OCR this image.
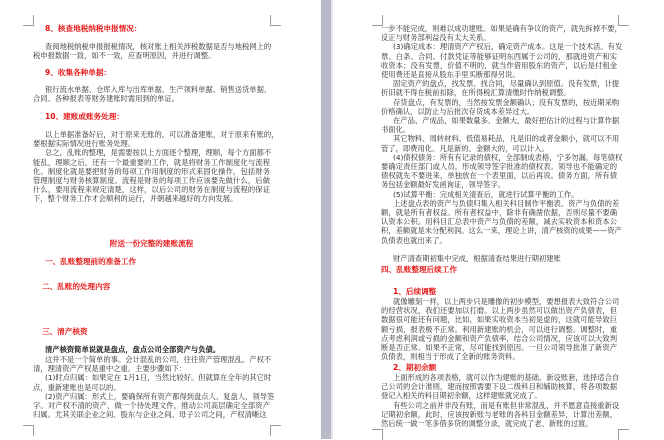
8、核查地税纳税申报情况：
查阅地税纳税申报报税情况，核对账上相关涉税数据是否与地税网上的
税申报数据一致，如不一致，应查明原因，并进行调整。
9、收集各种单据：
银行流水单据、仓库入库与出库单据、生产领料单据、销售送货单据、
合同、各种报表等财务建账时需用到的单证。
10、建账或账务处理：
以上单据准备好后，对于原来无账的，可以准备建账，对于原来有账的，
要根据实际情况进行账务处理。
总之，乱账的整理，是需要按以上方面逐个整理，理顺，每个方面都不
能乱，理顺之后，还有一个最重要的工作，就是将财务工作制度化与流程
化。制度化就是要把财务的每项工作用制度的形式来固化操作，包括财务
管理制度与财务核算制度。流程是财务的每项工作应该要先做什么，后做
什么，要用流程来规定清楚，这样，以后公司的财务在制度与流程的保证
下，整个财务工作才会顺利的运行，并朝越来越好的方向发展。
附送一份完整的建账流程
一、乱账整理前的准备工作
二、乱账的处理内容
三、清产核资
清产核资简单说就是盘点，盘点公司全部资产与负债。
这并不是一个简单的事。会计混乱的公司，往往资产管理混乱、产权不
清，理清资产产权是重中之重。主要步骤如下：
(1)时点归属：如果定在 1月1日，当然比较好。但就算在全年的其它时
点，重新建账也是可以的。
(2)资产归属：形式上，要确保所有资产都得到盘点人、复盘人、领导签
字。对产权不清的资产，做一个待处理文件，推动公司高层确定全部资产
归属。尤其关联企业之间、股东与企业之间、母子公司之间，产权清晰这
一步不能完成，则难以成功建账。如果是确有争议的资产，就先拆掉不要，
反正与财务部利益没有太大关系。
(3)确定成本：理清资产产权后，确定资产成本。这是一个技术活。有发
票、白条、合同、付款凭证等能够证明东西属于公司的，那就进资产和实
收资本；没有发票，价值不明的，就当作借用股东的资产，以后是付租金
使用费还是直接从股东手里买断那得另说。
固定资产的盘点，找发票、找合同，尽量确认到原值。没有发票，计提
折旧就不得在税前扣除，在所得税汇算清缴时作纳税调整。
存货盘点，有发票的，当然按发票金额确认；没有发票的，按近期采购
价格确认，以防止与后批次存货成本差异过大。
在产品、产成品，如果数量多、金额大，最好把估计的过程与计算作据
书面化。
其它物料、周转材料、低值易耗品，凡是旧的或者金额小，就可以不用
管了，即费用化。凡是新的、金额大的，可以计入。
(4)债权债务：所有有记录的债权，全部制成表格，宁多勿漏，每笔债权
要确定责任部门或人员，形成领导签字批准的债权表。领导也不能确定的
债权就先不要进来，单独放在一个表里面，以后再说。债务方面，所有债
务包括金额最好发函询证，领导签字。
(5)试算平衡：完成相关清查后，就进行试算平衡的工作。
上述盘点表的资产与负债归集入相关科目制作平衡表。资产与负债的差
额，就是所有者权益。所有者权益中，除非有确凿依据，否则尽量不要确
认资本公积。用科目汇总表中资产与负债的差额，减去实收资本和资本公
积，差额就是未分配利润。这么一来，理论上讲，清产核资的成果——资产
负债表也就出来了。
财产清查期初集中完成，根据清查结果进行期初建账
四、乱账整理后续工作
1、后续调整
就像雕刻一样，以上两步只是雕像的初步模型，要想报表大致符合公司
的经营状况，我们还要加以打磨。以上两步虽然可以做出资产负债表，但
数据很可能还有问题，比如，如果实收资本当初是虚的，这就可能导致巨
额亏损，报表极不正常。利用新建账的机会，可以进行调整。调整时，重
点考虑利润或亏损的金额和资产负债率，结合公司情况，应该可以大致判
断是否正常。如果不正常，尽可能找到原因。一旦公司领导批准了新资产
负债表，则相当于形成了全新的账务资料。
2、期初余额
上面形成的各项表格，就可以作为建账的基础。新设账套，选择适合自
己公司的会计准则，建而按照需要下设二级科目和辅助核算，将各项数据
登记入相关的科目期初余额，这样建账就完成了。
有些公司之前并非没有账，而是有账但非常混乱，并不愿意直接重新设
记期初余额，此时，应该按新账与老账的各科目金额差异，计算出差额，
然后统一做一笔多借多贷的调整分录，就完成了老、新账的过渡。
